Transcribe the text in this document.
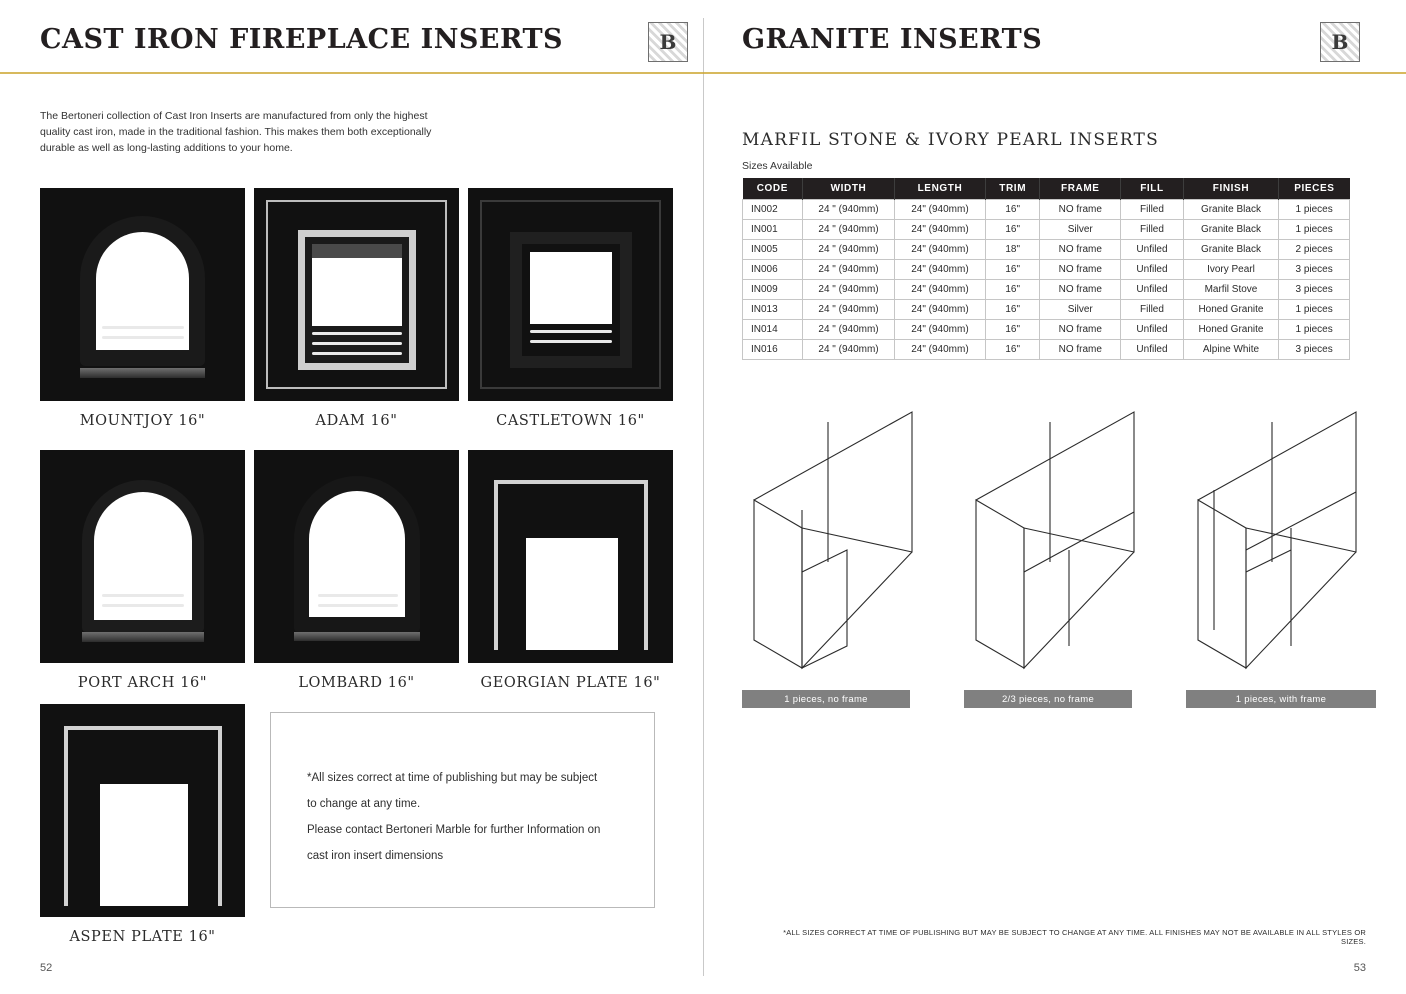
CAST IRON FIREPLACE INSERTS	B
The Bertoneri collection of Cast Iron Inserts are manufactured from only the highest quality cast iron, made in the traditional fashion. This makes them both exceptionally durable as well as long-lasting additions to your home.
MOUNTJOY 16"	ADAM 16"	CASTLETOWN 16"
PORT ARCH 16"	LOMBARD 16"	GEORGIAN PLATE 16"
ASPEN PLATE 16"
*All sizes correct at time of publishing but may be subject
to change at any time.
Please contact Bertoneri Marble for further Information on
cast iron insert dimensions
52
GRANITE INSERTS	B
MARFIL STONE & IVORY PEARL INSERTS
Sizes Available
CODE	WIDTH	LENGTH	TRIM	FRAME	FILL	FINISH	PIECES
IN002	24 " (940mm)	24" (940mm)	16"	NO frame	Filled	Granite Black	1 pieces
IN001	24 " (940mm)	24" (940mm)	16"	Silver	Filled	Granite Black	1 pieces
IN005	24 " (940mm)	24" (940mm)	18"	NO frame	Unfiled	Granite Black	2 pieces
IN006	24 " (940mm)	24" (940mm)	16"	NO frame	Unfiled	Ivory Pearl	3 pieces
IN009	24 " (940mm)	24" (940mm)	16"	NO frame	Unfiled	Marfil Stove	3 pieces
IN013	24 " (940mm)	24" (940mm)	16"	Silver	Filled	Honed Granite	1 pieces
IN014	24 " (940mm)	24" (940mm)	16"	NO frame	Unfiled	Honed Granite	1 pieces
IN016	24 " (940mm)	24" (940mm)	16"	NO frame	Unfiled	Alpine White	3 pieces
1 pieces, no frame	2/3 pieces, no frame	1 pieces, with frame
*ALL SIZES CORRECT AT TIME OF PUBLISHING BUT MAY BE SUBJECT TO CHANGE AT ANY TIME. ALL FINISHES MAY NOT BE AVAILABLE IN ALL STYLES OR SIZES.
53
